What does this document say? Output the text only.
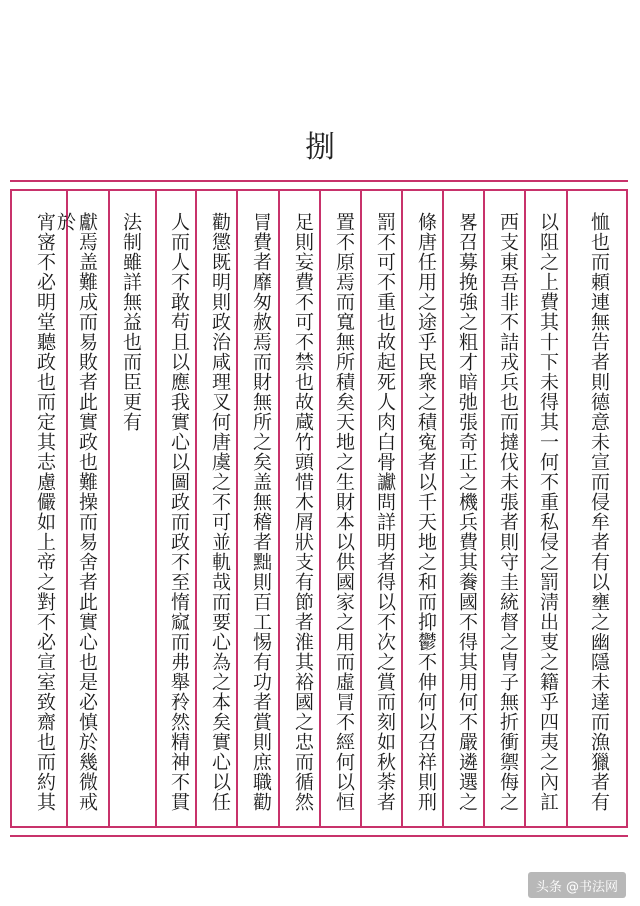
捌
恤也而頼連無告者則德意未宣而侵牟者有以壅之幽隱未達而漁獵者有
以阻之上費其十下未得其一何不重私侵之罰淸出叓之籍乎四夷之內訌
西支東吾非不詰戎兵也而撻伐未張者則守圭統督之冑子無折衝禦侮之
畧召募挽強之粗才暗弛張奇正之機兵費其餋國不得其用何不嚴遴選之
條唐任用之途乎民衆之積寃者以千天地之和而抑鬱不伸何以召祥則刑
罰不可不重也故起死人肉白骨讞問詳明者得以不次之賞而刻如秋荼者
置不原焉而寬無所積矣天地之生財本以供國家之用而虛冐不經何以恒
足則妄費不可不禁也故蔵竹頭惜木屑狀支有節者淮其裕國之忠而循然
冐費者靡匆赦焉而財無所之矣盖無稽者黜則百工惕有功者賞則庶職勸
勸懲既明則政治咸理叉何唐虞之不可並軌哉而要心為之本矣實心以任
人而人不敢苟且以應我實心以圖政而政不至惰窳而弗舉矝然精神不貫
法制雖詳無益也而臣更有
獻焉盖難成而易敗者此實政也難操而易舍者此實心也是必慎於幾微戒於
宵宻不必明堂聽政也而定其志慮儼如上帝之對不必宣室致齋也而約其
头条 @书法网
